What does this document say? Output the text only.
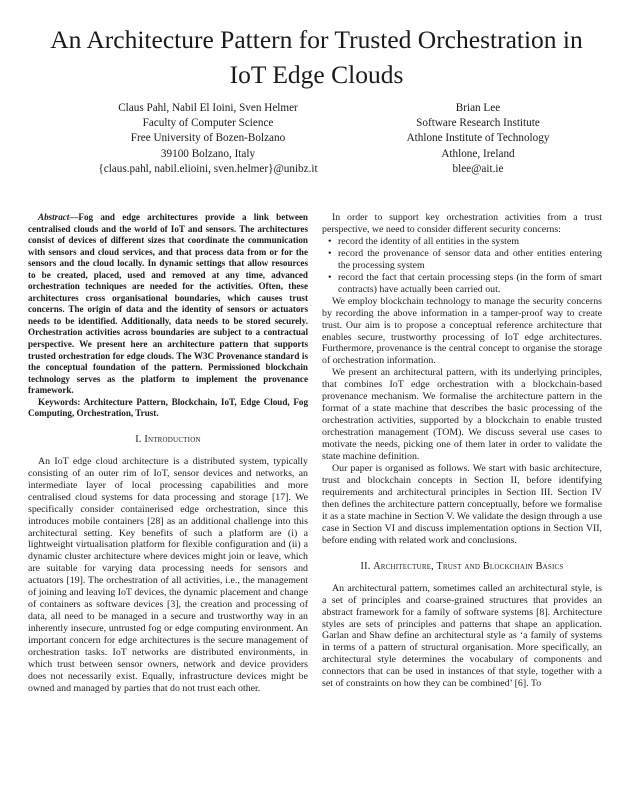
An Architecture Pattern for Trusted Orchestration in
IoT Edge Clouds
Claus Pahl, Nabil El Ioini, Sven Helmer
Faculty of Computer Science
Free University of Bozen-Bolzano
39100 Bolzano, Italy
{claus.pahl, nabil.elioini, sven.helmer}@unibz.it
Brian Lee
Software Research Institute
Athlone Institute of Technology
Athlone, Ireland
blee@ait.ie

Abstract—Fog and edge architectures provide a link between centralised clouds and the world of IoT and sensors. The architectures consist of devices of different sizes that coordinate the communication with sensors and cloud services, and that process data from or for the sensors and the cloud locally. In dynamic settings that allow resources to be created, placed, used and removed at any time, advanced orchestration techniques are needed for the activities. Often, these architectures cross organisational boundaries, which causes trust concerns. The origin of data and the identity of sensors or actuators needs to be identified. Additionally, data needs to be stored securely. Orchestration activities across boundaries are subject to a contractual perspective. We present here an architecture pattern that supports trusted orchestration for edge clouds. The W3C Provenance standard is the conceptual foundation of the pattern. Permissioned blockchain technology serves as the platform to implement the provenance framework.

Keywords: Architecture Pattern, Blockchain, IoT, Edge Cloud, Fog Computing, Orchestration, Trust.

I. Introduction

An IoT edge cloud architecture is a distributed system, typically consisting of an outer rim of IoT, sensor devices and networks, an intermediate layer of local processing capabilities and more centralised cloud systems for data processing and storage [17]. We specifically consider containerised edge orchestration, since this introduces mobile containers [28] as an additional challenge into this architectural setting. Key benefits of such a platform are (i) a lightweight virtualisation platform for flexible configuration and (ii) a dynamic cluster architecture where devices might join or leave, which are suitable for varying data processing needs for sensors and actuators [19]. The orchestration of all activities, i.e., the management of joining and leaving IoT devices, the dynamic placement and change of containers as software devices [3], the creation and processing of data, all need to be managed in a secure and trustworthy way in an inherently insecure, untrusted fog or edge computing environment. An important concern for edge architectures is the secure management of orchestration tasks. IoT networks are distributed environments, in which trust between sensor owners, network and device providers does not necessarily exist. Equally, infrastructure devices might be owned and managed by parties that do not trust each other.

In order to support key orchestration activities from a trust perspective, we need to consider different security concerns:

• record the identity of all entities in the system
• record the provenance of sensor data and other entities entering the processing system
• record the fact that certain processing steps (in the form of smart contracts) have actually been carried out.

We employ blockchain technology to manage the security concerns by recording the above information in a tamper-proof way to create trust. Our aim is to propose a conceptual reference architecture that enables secure, trustworthy processing of IoT edge architectures. Furthermore, provenance is the central concept to organise the storage of orchestration information.

We present an architectural pattern, with its underlying principles, that combines IoT edge orchestration with a blockchain-based provenance mechanism. We formalise the architecture pattern in the format of a state machine that describes the basic processing of the orchestration activities, supported by a blockchain to enable trusted orchestration management (TOM). We discuss several use cases to motivate the needs, picking one of them later in order to validate the state machine definition.

Our paper is organised as follows. We start with basic architecture, trust and blockchain concepts in Section II, before identifying requirements and architectural principles in Section III. Section IV then defines the architecture pattern conceptually, before we formalise it as a state machine in Section V. We validate the design through a use case in Section VI and discuss implementation options in Section VII, before ending with related work and conclusions.

II. Architecture, Trust and Blockchain Basics

An architectural pattern, sometimes called an architectural style, is a set of principles and coarse-grained structures that provides an abstract framework for a family of software systems [8]. Architecture styles are sets of principles and patterns that shape an application. Garlan and Shaw define an architectural style as ‘a family of systems in terms of a pattern of structural organisation. More specifically, an architectural style determines the vocabulary of components and connectors that can be used in instances of that style, together with a set of constraints on how they can be combined’ [6]. To
